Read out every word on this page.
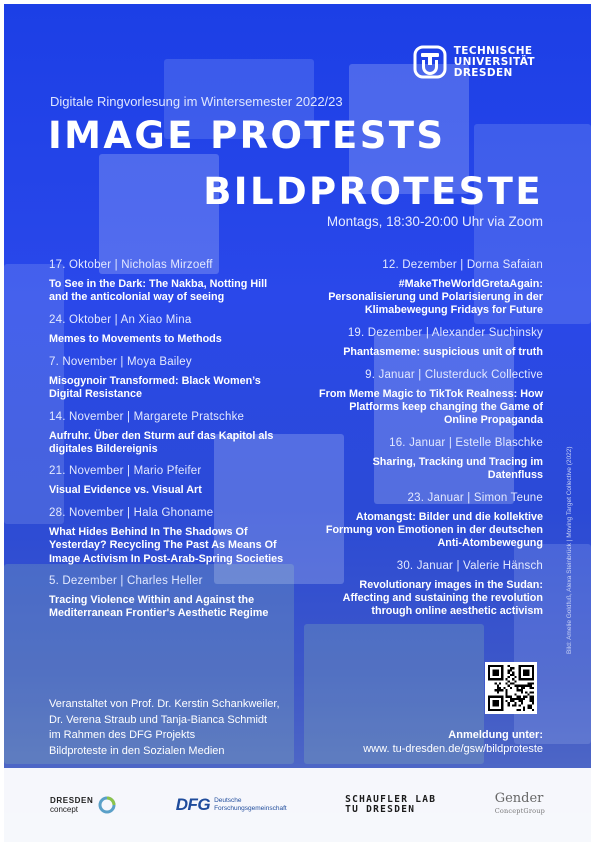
TECHNISCHE
UNIVERSITÄT
DRESDEN
Digitale Ringvorlesung im Wintersemester 2022/23
IMAGE PROTESTS
BILDPROTESTE
Montags, 18:30-20:00 Uhr via Zoom
17. Oktober | Nicholas Mirzoeff
To See in the Dark: The Nakba, Notting Hill and the anticolonial way of seeing
24. Oktober | An Xiao Mina
Memes to Movements to Methods
7. November | Moya Bailey
Misogynoir Transformed: Black Women’s Digital Resistance
14. November | Margarete Pratschke
Aufruhr. Über den Sturm auf das Kapitol als digitales Bildereignis
21. November | Mario Pfeifer
Visual Evidence vs. Visual Art
28. November | Hala Ghoname
What Hides Behind In The Shadows Of Yesterday? Recycling The Past As Means Of Image Activism In Post-Arab-Spring Societies
5. Dezember | Charles Heller
Tracing Violence Within and Against the Mediterranean Frontier's Aesthetic Regime
12. Dezember | Dorna Safaian
#MakeTheWorldGretaAgain: Personalisierung und Polarisierung in der Klimabewegung Fridays for Future
19. Dezember | Alexander Suchinsky
Phantasmeme: suspicious unit of truth
9. Januar | Clusterduck Collective
From Meme Magic to TikTok Realness: How Platforms keep changing the Game of Online Propaganda
16. Januar | Estelle Blaschke
Sharing, Tracking und Tracing im Datenfluss
23. Januar | Simon Teune
Atomangst: Bilder und die kollektive Formung von Emotionen in der deutschen Anti-Atombewegung
30. Januar | Valerie Hänsch
Revolutionary images in the Sudan: Affecting and sustaining the revolution through online aesthetic activism
Veranstaltet von Prof. Dr. Kerstin Schankweiler,
Dr. Verena Straub und Tanja-Bianca Schmidt
im Rahmen des DFG Projekts
Bildproteste in den Sozialen Medien
Anmeldung unter:
www. tu-dresden.de/gsw/bildproteste
Bild: Amelie Goldfuß, Alexa Steinbrück | Moving Target Collective (2022)
DRESDEN
concept	DFG Deutsche
Forschungsgemeinschaft
SCHAUFLER LAB
TU DRESDEN
Gender
ConceptGroup
